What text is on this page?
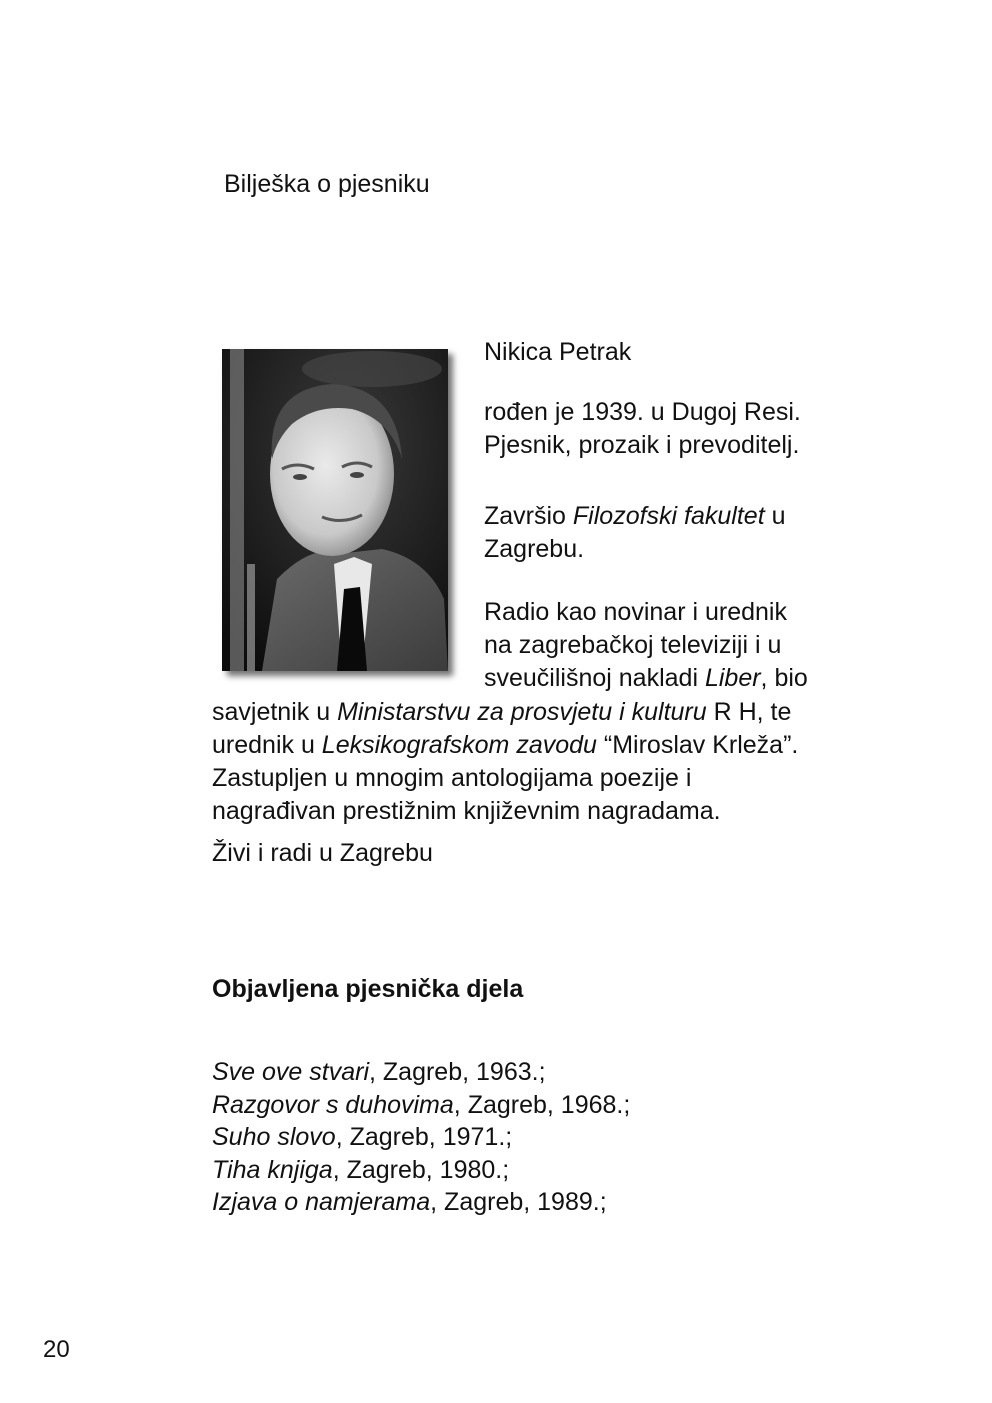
Bilješka o pjesniku
Nikica Petrak
rođen je 1939. u Dugoj Resi.
Pjesnik, prozaik i prevoditelj.
Završio Filozofski fakultet u
Zagrebu.
Radio kao novinar i urednik
na zagrebačkoj televiziji i u
sveučilišnoj nakladi Liber, bio
savjetnik u Ministarstvu za prosvjetu i kulturu R H, te
urednik u Leksikografskom zavodu “Miroslav Krleža”.
Zastupljen u mnogim antologijama poezije i
nagrađivan prestižnim književnim nagradama.
Živi i radi u Zagrebu
Objavljena pjesnička djela
Sve ove stvari, Zagreb, 1963.;
Razgovor s duhovima, Zagreb, 1968.;
Suho slovo, Zagreb, 1971.;
Tiha knjiga, Zagreb, 1980.;
Izjava o namjerama, Zagreb, 1989.;
20
